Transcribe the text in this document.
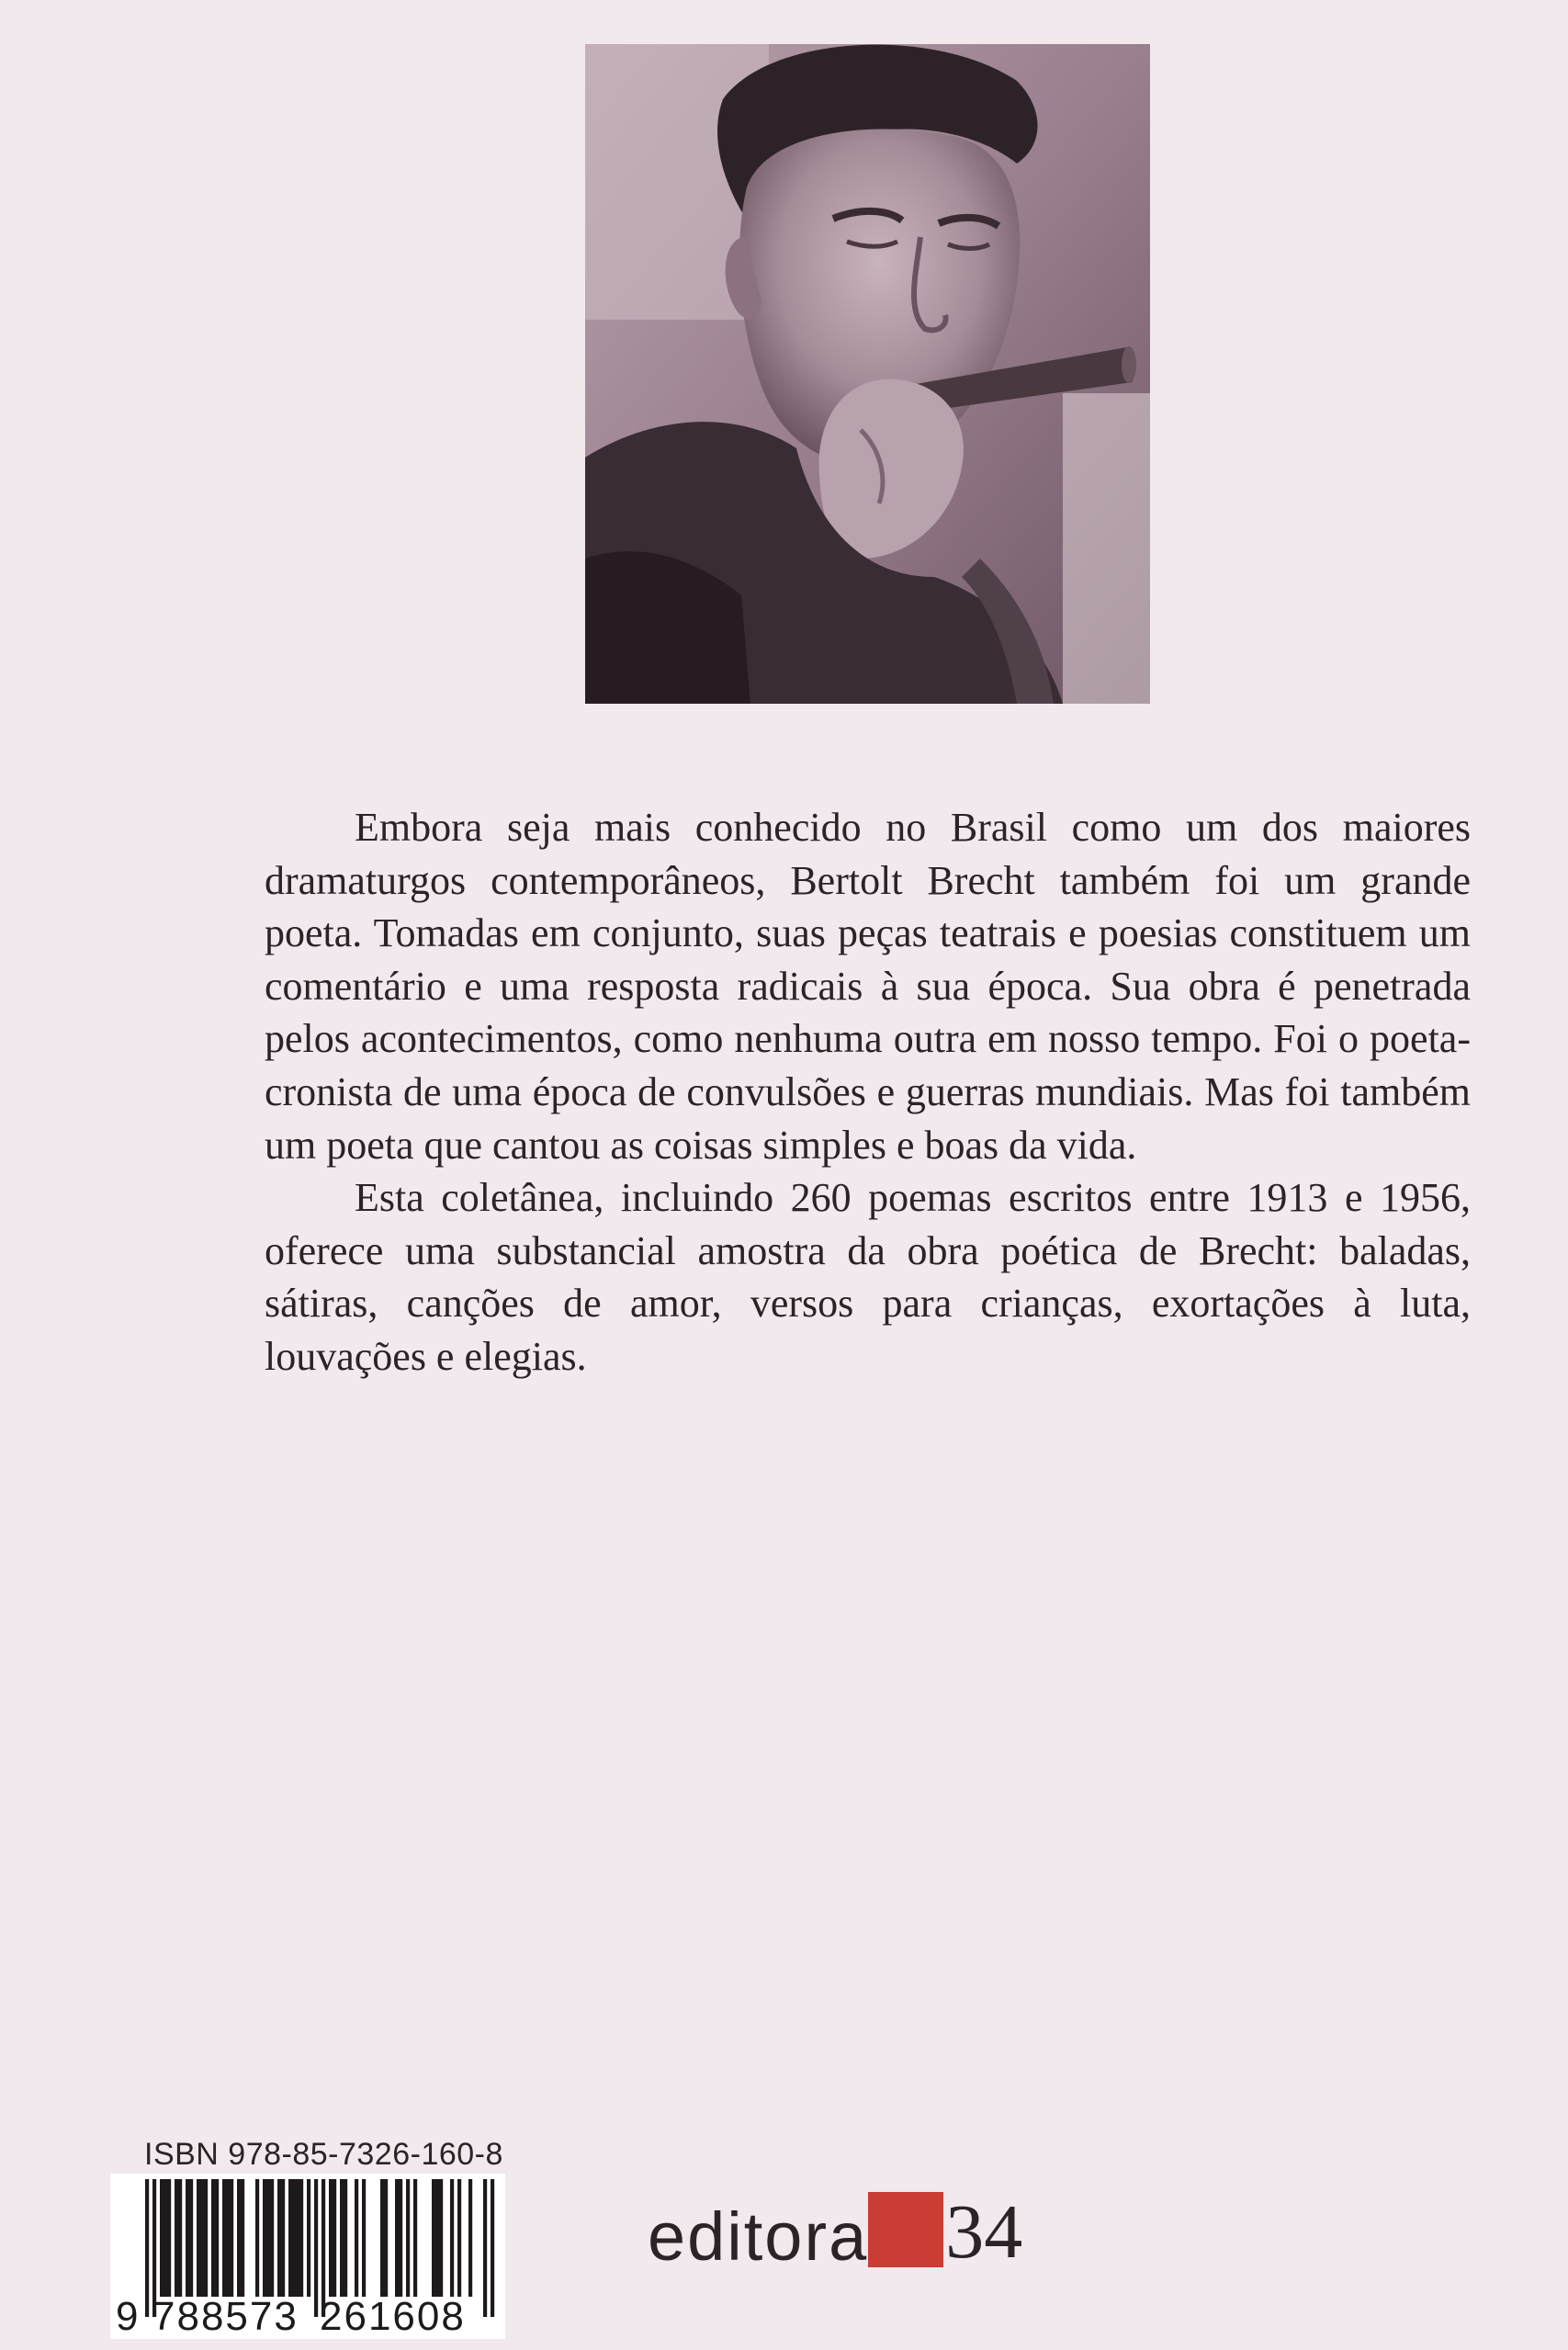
Embora seja mais conhecido no Brasil como um dos maiores dramaturgos contemporâneos, Bertolt Brecht também foi um grande poeta. Tomadas em conjunto, suas peças teatrais e poesias constituem um comentário e uma resposta radicais à sua época. Sua obra é penetrada pelos acontecimentos, como nenhuma outra em nosso tempo. Foi o poeta-cronista de uma época de convulsões e guerras mundiais. Mas foi também um poeta que cantou as coisas simples e boas da vida.

Esta coletânea, incluindo 260 poemas escritos entre 1913 e 1956, oferece uma substancial amostra da obra poética de Brecht: baladas, sátiras, canções de amor, versos para crianças, exortações à luta, louvações e elegias.

ISBN 978-85-7326-160-8
9 788573 261608
editora 34
